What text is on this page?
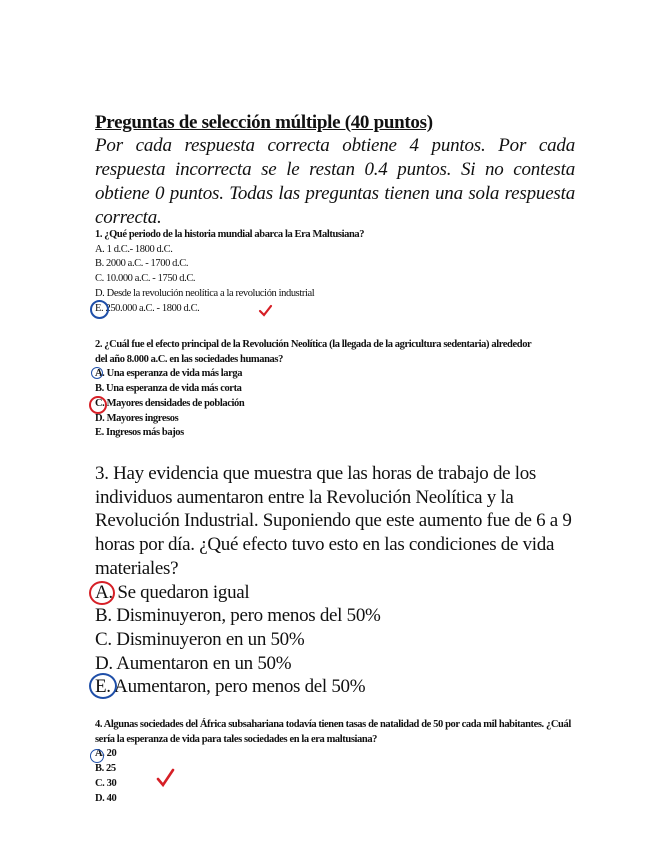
Preguntas de selección múltiple (40 puntos)
Por cada respuesta correcta obtiene 4 puntos. Por cada respuesta incorrecta se le restan 0.4 puntos. Si no contesta obtiene 0 puntos. Todas las preguntas tienen una sola respuesta correcta.
1. ¿Qué periodo de la historia mundial abarca la Era Maltusiana?
A. 1 d.C.- 1800 d.C.
B. 2000 a.C. - 1700 d.C.
C. 10.000 a.C. - 1750 d.C.
D. Desde la revolución neolítica a la revolución industrial
E. 250.000 a.C. - 1800 d.C.
2. ¿Cuál fue el efecto principal de la Revolución Neolítica (la llegada de la agricultura sedentaria) alrededor del año 8.000 a.C. en las sociedades humanas?
A. Una esperanza de vida más larga
B. Una esperanza de vida más corta
C. Mayores densidades de población
D. Mayores ingresos
E. Ingresos más bajos
3. Hay evidencia que muestra que las horas de trabajo de los individuos aumentaron entre la Revolución Neolítica y la Revolución Industrial. Suponiendo que este aumento fue de 6 a 9 horas por día. ¿Qué efecto tuvo esto en las condiciones de vida materiales?
A. Se quedaron igual
B. Disminuyeron, pero menos del 50%
C. Disminuyeron en un 50%
D. Aumentaron en un 50%
E. Aumentaron, pero menos del 50%
4. Algunas sociedades del África subsahariana todavía tienen tasas de natalidad de 50 por cada mil habitantes. ¿Cuál sería la esperanza de vida para tales sociedades en la era maltusiana?
A. 20
B. 25
C. 30
D. 40
